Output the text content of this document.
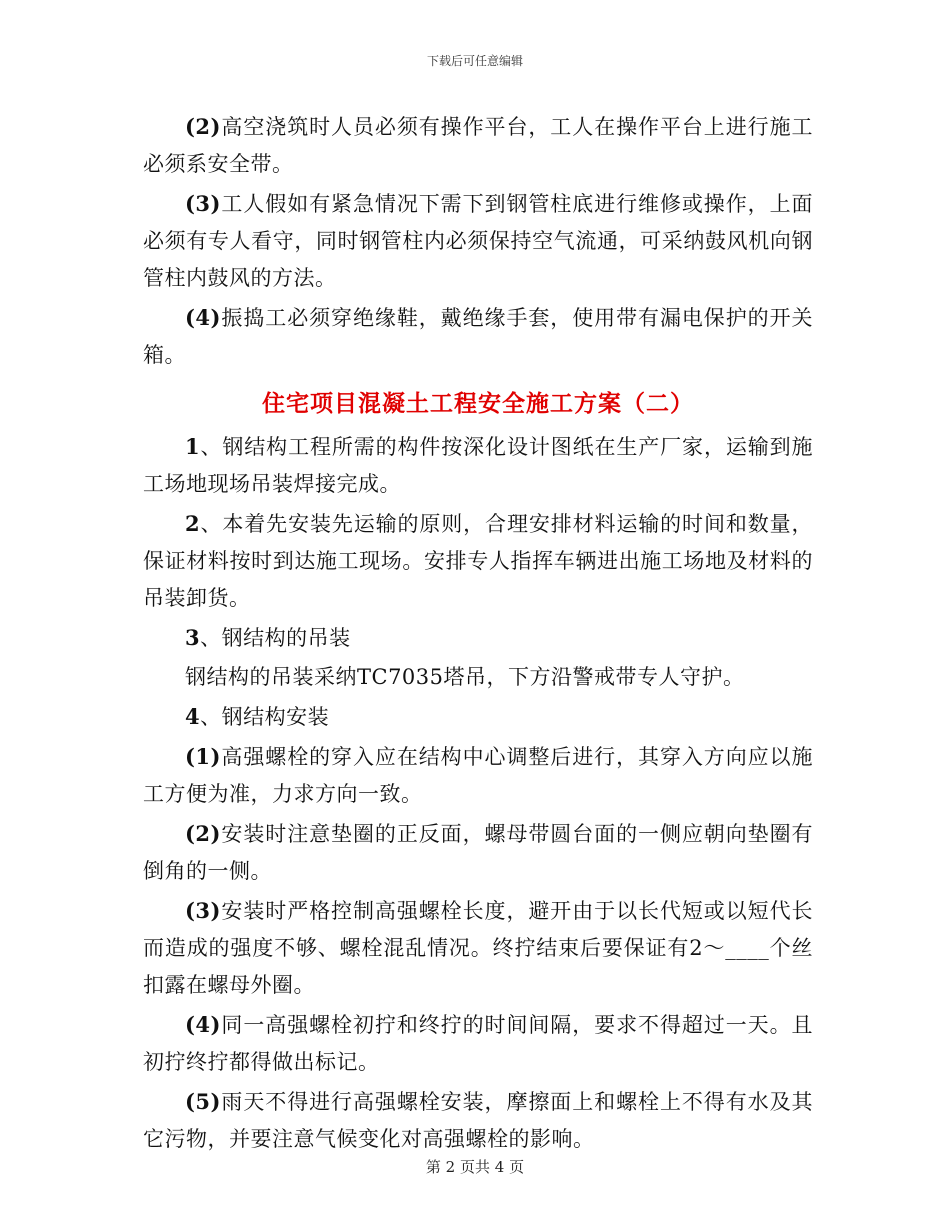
下载后可任意编辑
(2)高空浇筑时人员必须有操作平台，工人在操作平台上进行施工必须系安全带。
(3)工人假如有紧急情况下需下到钢管柱底进行维修或操作，上面必须有专人看守，同时钢管柱内必须保持空气流通，可采纳鼓风机向钢管柱内鼓风的方法。
(4)振捣工必须穿绝缘鞋，戴绝缘手套，使用带有漏电保护的开关箱。
住宅项目混凝土工程安全施工方案（二）
1、钢结构工程所需的构件按深化设计图纸在生产厂家，运输到施工场地现场吊装焊接完成。
2、本着先安装先运输的原则，合理安排材料运输的时间和数量，保证材料按时到达施工现场。安排专人指挥车辆进出施工场地及材料的吊装卸货。
3、钢结构的吊装
钢结构的吊装采纳TC7035塔吊，下方沿警戒带专人守护。
4、钢结构安装
(1)高强螺栓的穿入应在结构中心调整后进行，其穿入方向应以施工方便为准，力求方向一致。
(2)安装时注意垫圈的正反面，螺母带圆台面的一侧应朝向垫圈有倒角的一侧。
(3)安装时严格控制高强螺栓长度，避开由于以长代短或以短代长而造成的强度不够、螺栓混乱情况。终拧结束后要保证有2～____个丝扣露在螺母外圈。
(4)同一高强螺栓初拧和终拧的时间间隔，要求不得超过一天。且初拧终拧都得做出标记。
(5)雨天不得进行高强螺栓安装，摩擦面上和螺栓上不得有水及其它污物，并要注意气候变化对高强螺栓的影响。
第 2 页共 4 页
